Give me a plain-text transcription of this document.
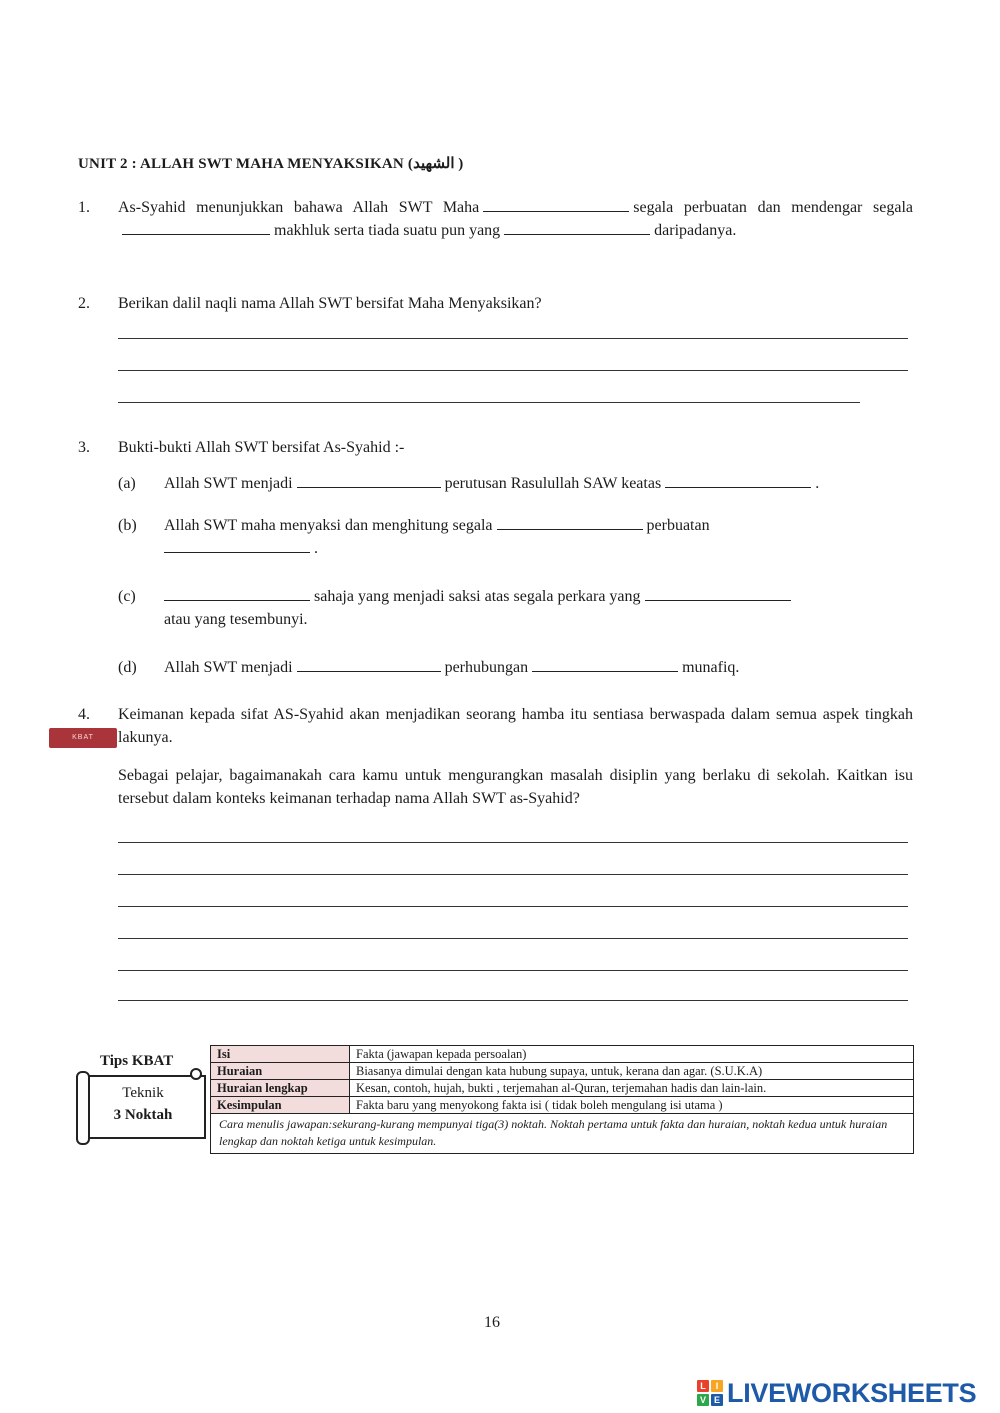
UNIT 2 : ALLAH SWT MAHA MENYAKSIKAN (الشهيد )
1. As-Syahid menunjukkan bahawa Allah SWT Maha	segala perbuatan dan mendengar segalamakhluk serta tiada suatu pun yang	daripadanya.
2. Berikan dalil naqli nama Allah SWT bersifat Maha Menyaksikan?
3. Bukti-bukti Allah SWT bersifat As-Syahid :-
(a) Allah SWT menjadi	perutusan Rasulullah SAW keatas	.
(b) Allah SWT maha menyaksi dan menghitung segala	perbuatan
.
(c)	sahaja yang menjadi saksi atas segala perkara yang
atau yang tesembunyi.
(d) Allah SWT menjadi	perhubungan	munafiq.
4. Keimanan kepada sifat AS-Syahid akan menjadikan seorang hamba itu sentiasa berwaspada dalam semua aspek tingkah lakunya.
KBAT
Sebagai pelajar, bagaimanakah cara kamu untuk mengurangkan masalah disiplin yang berlaku di sekolah. Kaitkan isu tersebut dalam konteks keimanan terhadap nama Allah SWT as-Syahid?
Tips KBAT
Teknik
3 Noktah
Isi	Fakta (jawapan kepada persoalan)
Huraian	Biasanya dimulai dengan kata hubung supaya, untuk, kerana dan agar. (S.U.K.A)
Huraian lengkap	Kesan, contoh, hujah, bukti , terjemahan al-Quran, terjemahan hadis dan lain-lain.
Kesimpulan	Fakta baru yang menyokong fakta isi ( tidak boleh mengulang isi utama )
Cara menulis jawapan:sekurang-kurang mempunyai tiga(3) noktah. Noktah pertama untuk fakta dan huraian, noktah kedua untuk huraian lengkap dan noktah ketiga untuk kesimpulan.	
16
L	I
V E LIVEWORKSHEETS
